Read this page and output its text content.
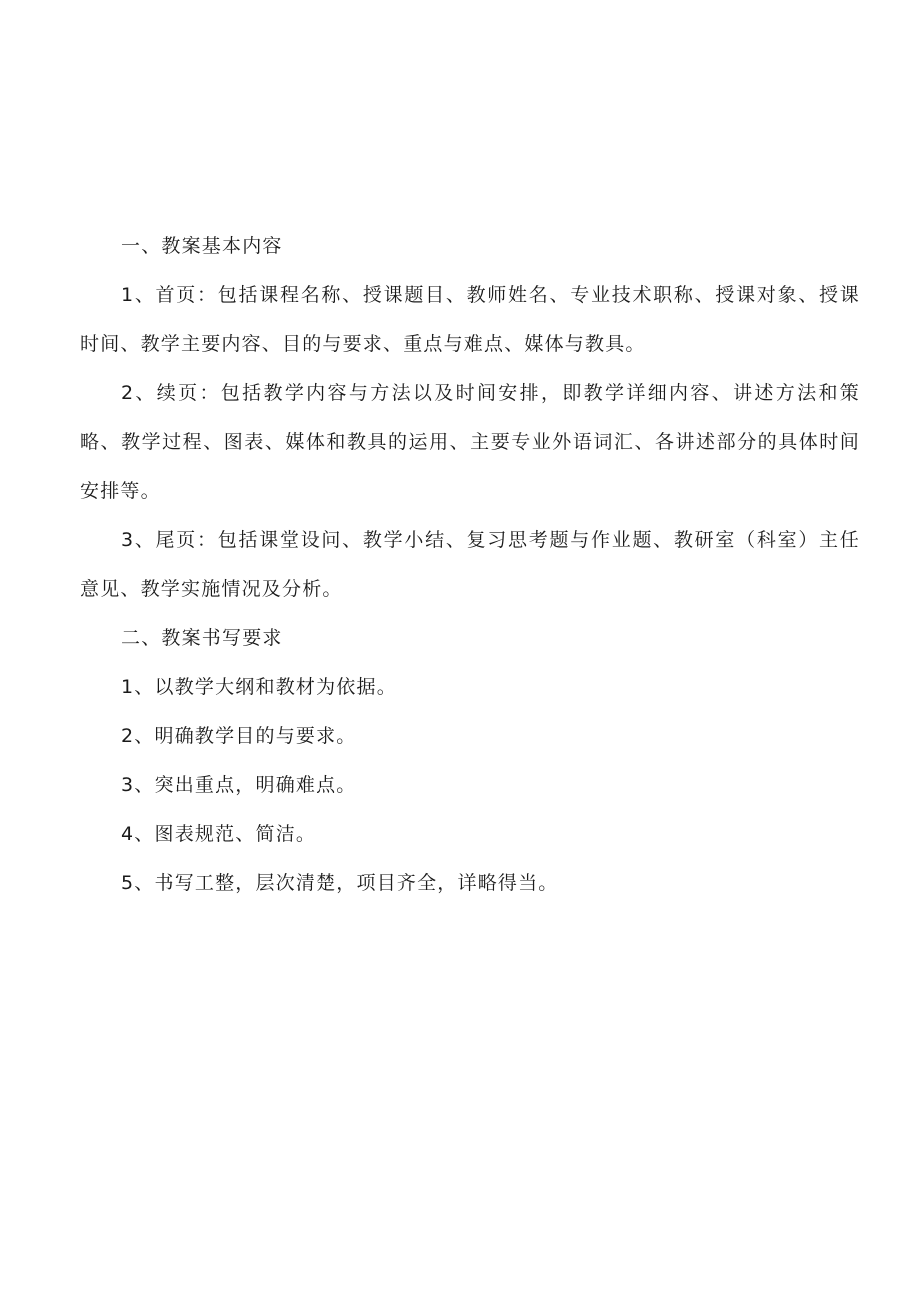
一、教案基本内容

1、首页：包括课程名称、授课题目、教师姓名、专业技术职称、授课对象、授课时间、教学主要内容、目的与要求、重点与难点、媒体与教具。

2、续页：包括教学内容与方法以及时间安排，即教学详细内容、讲述方法和策略、教学过程、图表、媒体和教具的运用、主要专业外语词汇、各讲述部分的具体时间安排等。

3、尾页：包括课堂设问、教学小结、复习思考题与作业题、教研室（科室）主任意见、教学实施情况及分析。

二、教案书写要求

1、以教学大纲和教材为依据。

2、明确教学目的与要求。

3、突出重点，明确难点。

4、图表规范、简洁。

5、书写工整，层次清楚，项目齐全，详略得当。
